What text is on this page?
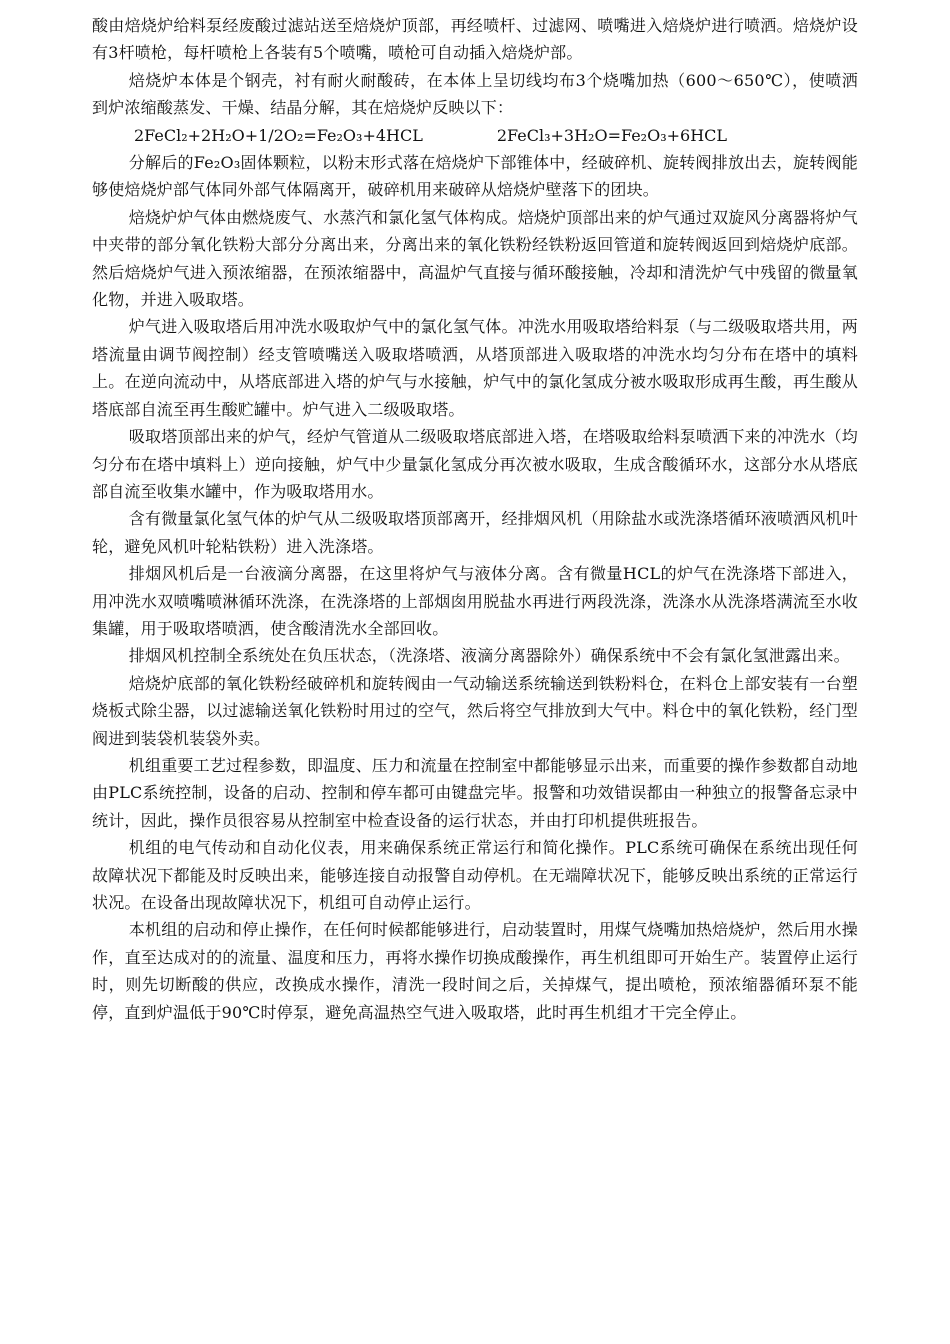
酸由焙烧炉给料泵经废酸过滤站送至焙烧炉顶部，再经喷杆、过滤网、喷嘴进入焙烧炉进行喷洒。焙烧炉设有3杆喷枪，每杆喷枪上各装有5个喷嘴，喷枪可自动插入焙烧炉部。

焙烧炉本体是个钢壳，衬有耐火耐酸砖，在本体上呈切线均布3个烧嘴加热（600～650℃），使喷洒到炉浓缩酸蒸发、干燥、结晶分解，其在焙烧炉反映以下：

2FeCl₂+2H₂O+1/2O₂=Fe₂O₃+4HCL	2FeCl₃+3H₂O=Fe₂O₃+6HCL

分解后的Fe₂O₃固体颗粒，以粉末形式落在焙烧炉下部锥体中，经破碎机、旋转阀排放出去，旋转阀能够使焙烧炉部气体同外部气体隔离开，破碎机用来破碎从焙烧炉壁落下的团块。

焙烧炉炉气体由燃烧废气、水蒸汽和氯化氢气体构成。焙烧炉顶部出来的炉气通过双旋风分离器将炉气中夹带的部分氧化铁粉大部分分离出来，分离出来的氧化铁粉经铁粉返回管道和旋转阀返回到焙烧炉底部。然后焙烧炉气进入预浓缩器，在预浓缩器中，高温炉气直接与循环酸接触，冷却和清洗炉气中残留的微量氧化物，并进入吸取塔。

炉气进入吸取塔后用冲洗水吸取炉气中的氯化氢气体。冲洗水用吸取塔给料泵（与二级吸取塔共用，两塔流量由调节阀控制）经支管喷嘴送入吸取塔喷洒，从塔顶部进入吸取塔的冲洗水均匀分布在塔中的填料上。在逆向流动中，从塔底部进入塔的炉气与水接触，炉气中的氯化氢成分被水吸取形成再生酸，再生酸从塔底部自流至再生酸贮罐中。炉气进入二级吸取塔。

吸取塔顶部出来的炉气，经炉气管道从二级吸取塔底部进入塔，在塔吸取给料泵喷洒下来的冲洗水（均匀分布在塔中填料上）逆向接触，炉气中少量氯化氢成分再次被水吸取，生成含酸循环水，这部分水从塔底部自流至收集水罐中，作为吸取塔用水。

含有微量氯化氢气体的炉气从二级吸取塔顶部离开，经排烟风机（用除盐水或洗涤塔循环液喷洒风机叶轮，避免风机叶轮粘铁粉）进入洗涤塔。

排烟风机后是一台液滴分离器，在这里将炉气与液体分离。含有微量HCL的炉气在洗涤塔下部进入，用冲洗水双喷嘴喷淋循环洗涤，在洗涤塔的上部烟囱用脱盐水再进行两段洗涤，洗涤水从洗涤塔满流至水收集罐，用于吸取塔喷洒，使含酸清洗水全部回收。

排烟风机控制全系统处在负压状态，（洗涤塔、液滴分离器除外）确保系统中不会有氯化氢泄露出来。

焙烧炉底部的氧化铁粉经破碎机和旋转阀由一气动输送系统输送到铁粉料仓，在料仓上部安装有一台塑烧板式除尘器，以过滤输送氧化铁粉时用过的空气，然后将空气排放到大气中。料仓中的氧化铁粉，经门型阀进到装袋机装袋外卖。

机组重要工艺过程参数，即温度、压力和流量在控制室中都能够显示出来，而重要的操作参数都自动地由PLC系统控制，设备的启动、控制和停车都可由键盘完毕。报警和功效错误都由一种独立的报警备忘录中统计，因此，操作员很容易从控制室中检查设备的运行状态，并由打印机提供班报告。

机组的电气传动和自动化仪表，用来确保系统正常运行和简化操作。PLC系统可确保在系统出现任何故障状况下都能及时反映出来，能够连接自动报警自动停机。在无端障状况下，能够反映出系统的正常运行状况。在设备出现故障状况下，机组可自动停止运行。

本机组的启动和停止操作，在任何时候都能够进行，启动装置时，用煤气烧嘴加热焙烧炉，然后用水操作，直至达成对的的流量、温度和压力，再将水操作切换成酸操作，再生机组即可开始生产。装置停止运行时，则先切断酸的供应，改换成水操作，清洗一段时间之后，关掉煤气，提出喷枪，预浓缩器循环泵不能停，直到炉温低于90℃时停泵，避免高温热空气进入吸取塔，此时再生机组才干完全停止。
